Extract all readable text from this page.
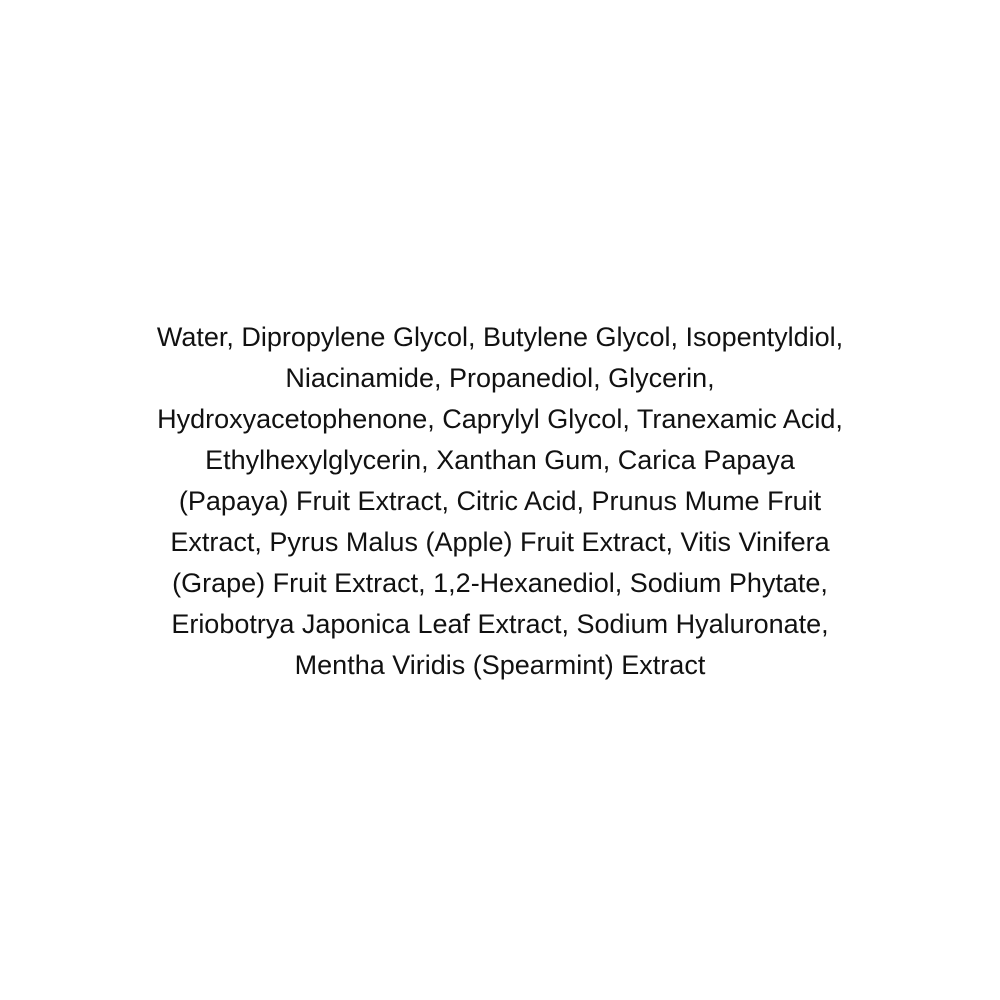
Water, Dipropylene Glycol, Butylene Glycol, Isopentyldiol,
Niacinamide, Propanediol, Glycerin,
Hydroxyacetophenone, Caprylyl Glycol, Tranexamic Acid,
Ethylhexylglycerin, Xanthan Gum, Carica Papaya
(Papaya) Fruit Extract, Citric Acid, Prunus Mume Fruit
Extract, Pyrus Malus (Apple) Fruit Extract, Vitis Vinifera
(Grape) Fruit Extract, 1,2-Hexanediol, Sodium Phytate,
Eriobotrya Japonica Leaf Extract, Sodium Hyaluronate,
Mentha Viridis (Spearmint) Extract
